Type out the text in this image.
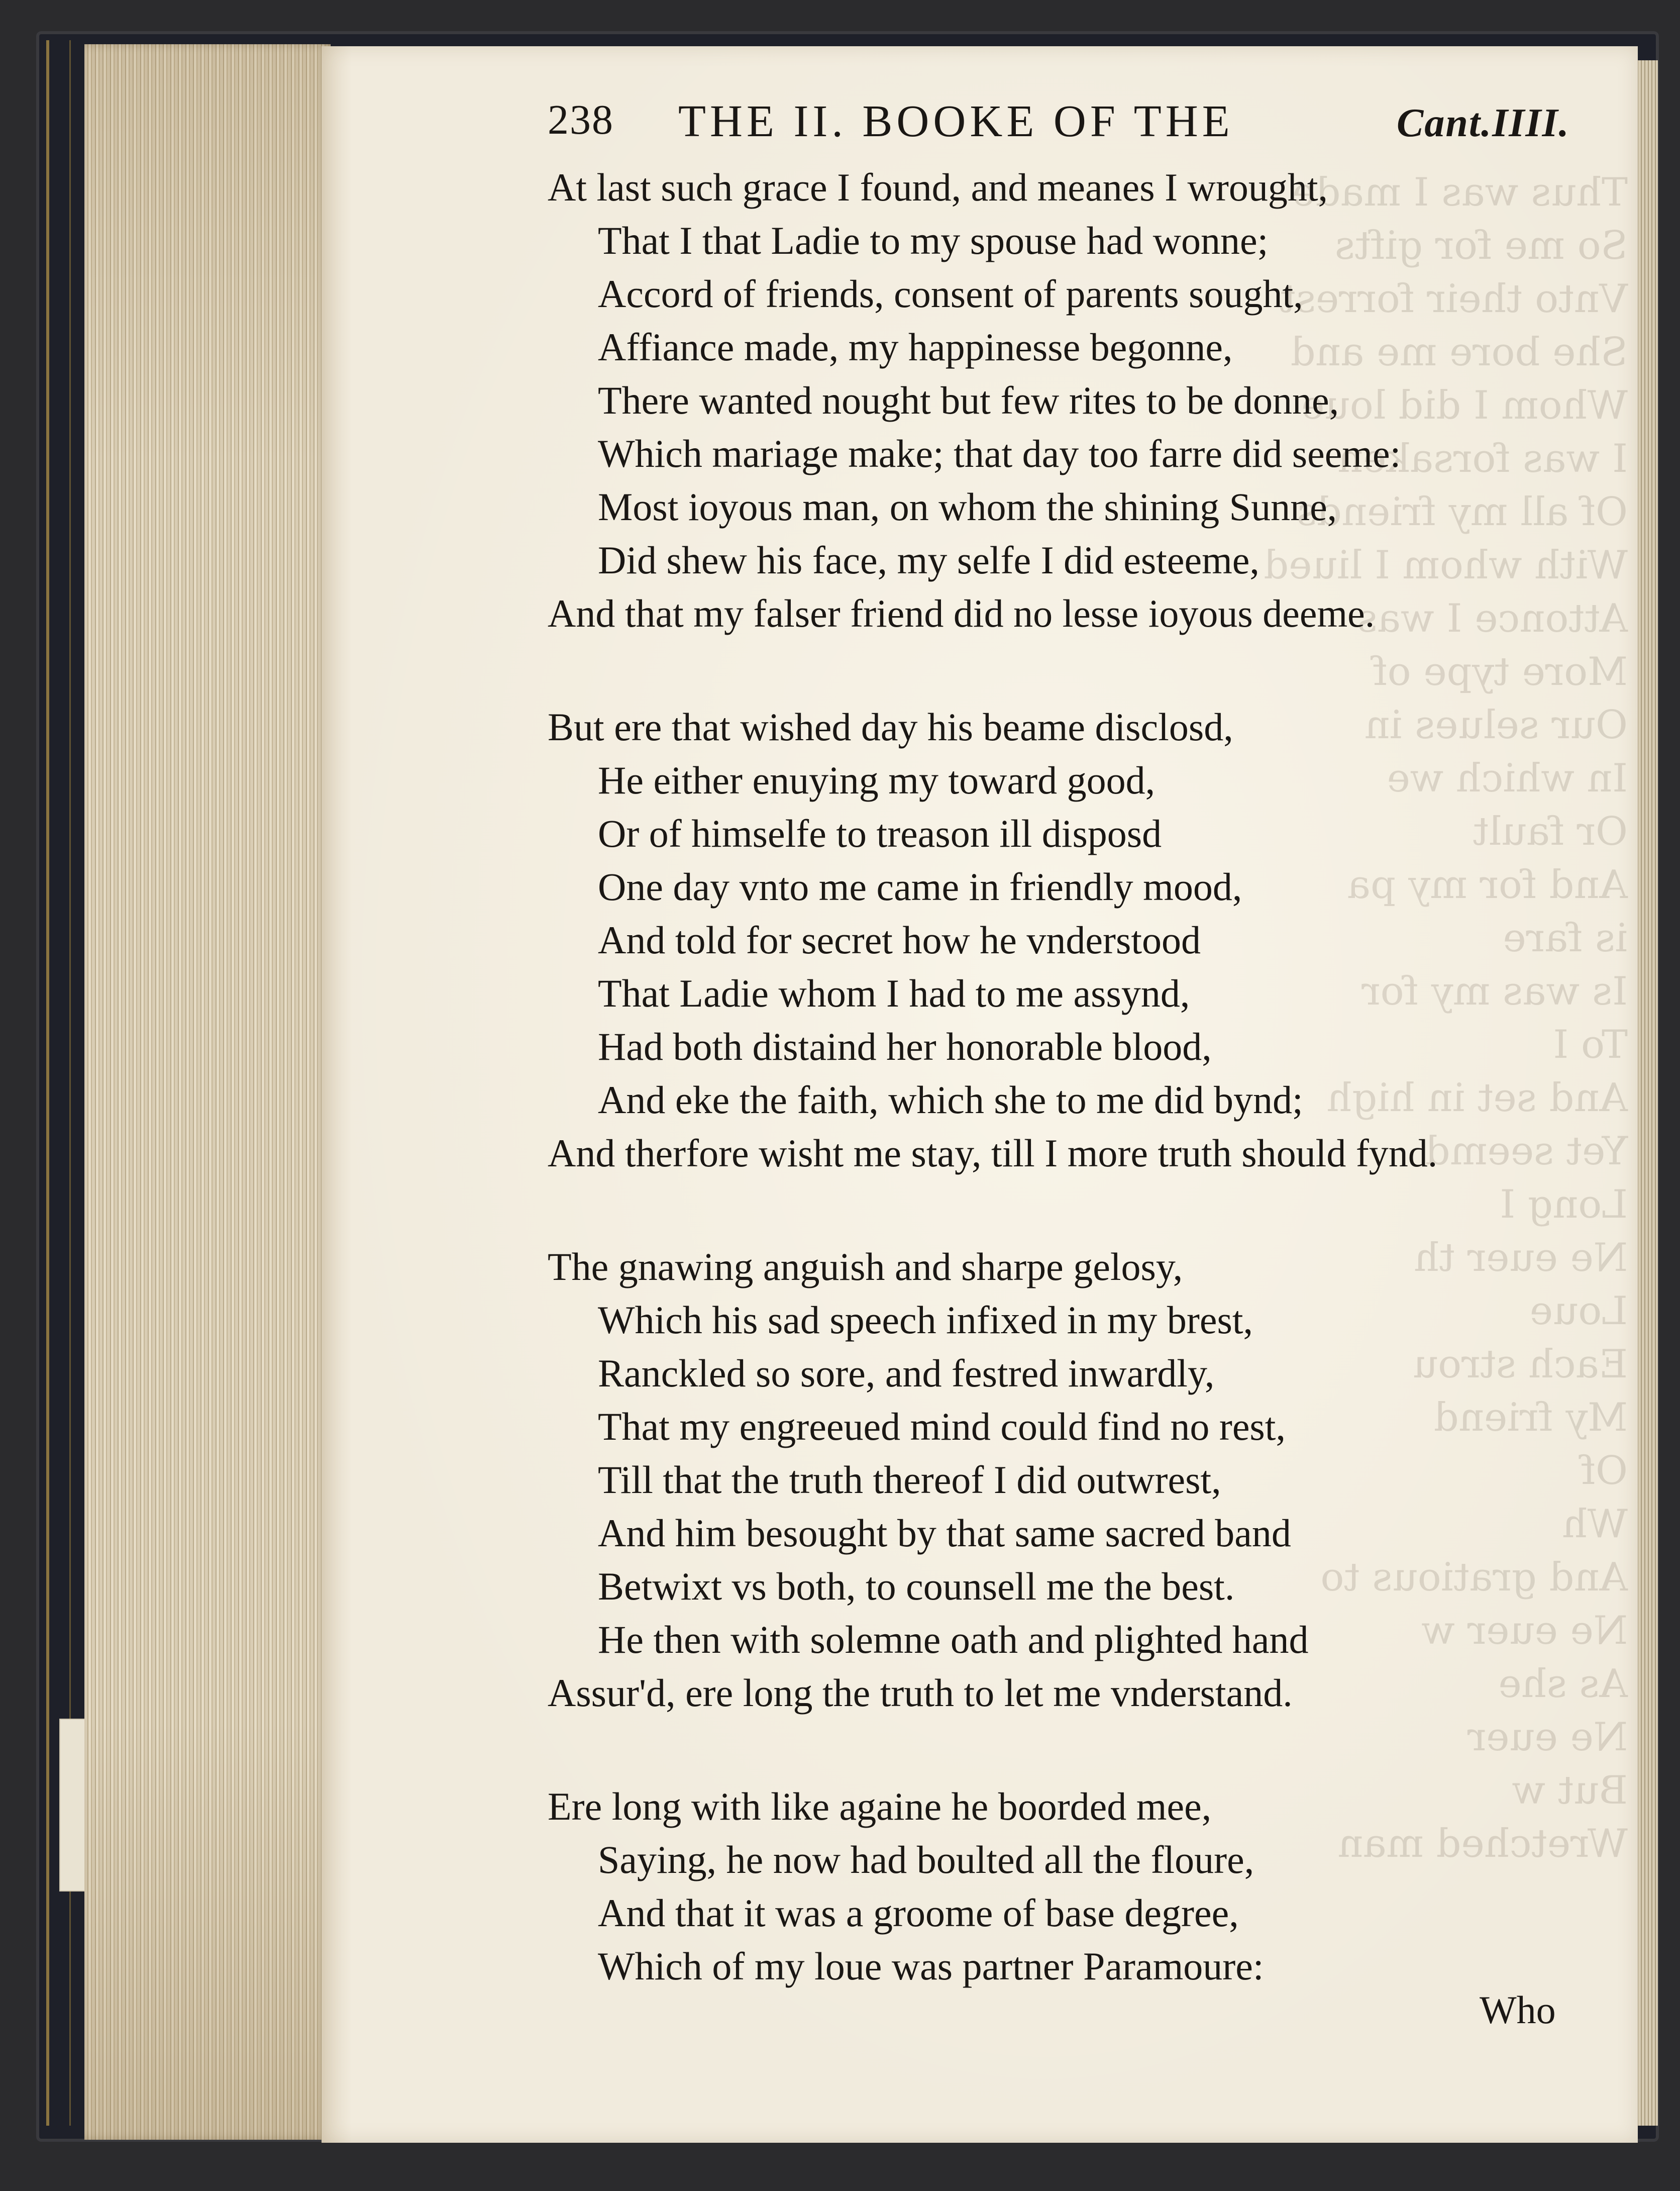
Thus was I made
So me for gifts
Vnto their forrest
She bore me and
Whom I did loue
I was forsaken
Of all my friends
With whom I liued
Attonce I was
More type of
Our selues in
In which we
Or fault
And for my pa
is fare
Is was my for
To I
And set in high
Yet seemd
Long I
Ne euer th
Loue
Each strou
My friend
Of
Wh
And gratious to
Ne euer w
As she
Ne euer
But w
Wretched man
238 THE II. BOOKE OF THE	Cant.IIII.
At last such grace I found, and meanes I wrought,
That I that Ladie to my spouse had wonne;
Accord of friends, consent of parents sought,
Affiance made, my happinesse begonne,
There wanted nought but few rites to be donne,
Which mariage make; that day too farre did seeme:
Most ioyous man, on whom the shining Sunne,
Did shew his face, my selfe I did esteeme,
And that my falser friend did no lesse ioyous deeme.
But ere that wished day his beame disclosd,
He either enuying my toward good,
Or of himselfe to treason ill disposd
One day vnto me came in friendly mood,
And told for secret how he vnderstood
That Ladie whom I had to me assynd,
Had both distaind her honorable blood,
And eke the faith, which she to me did bynd;
And therfore wisht me stay, till I more truth should fynd.
The gnawing anguish and sharpe gelosy,
Which his sad speech infixed in my brest,
Ranckled so sore, and festred inwardly,
That my engreeued mind could find no rest,
Till that the truth thereof I did outwrest,
And him besought by that same sacred band
Betwixt vs both, to counsell me the best.
He then with solemne oath and plighted hand
Assur'd, ere long the truth to let me vnderstand.
Ere long with like againe he boorded mee,
Saying, he now had boulted all the floure,
And that it was a groome of base degree,
Which of my loue was partner Paramoure:
Who
